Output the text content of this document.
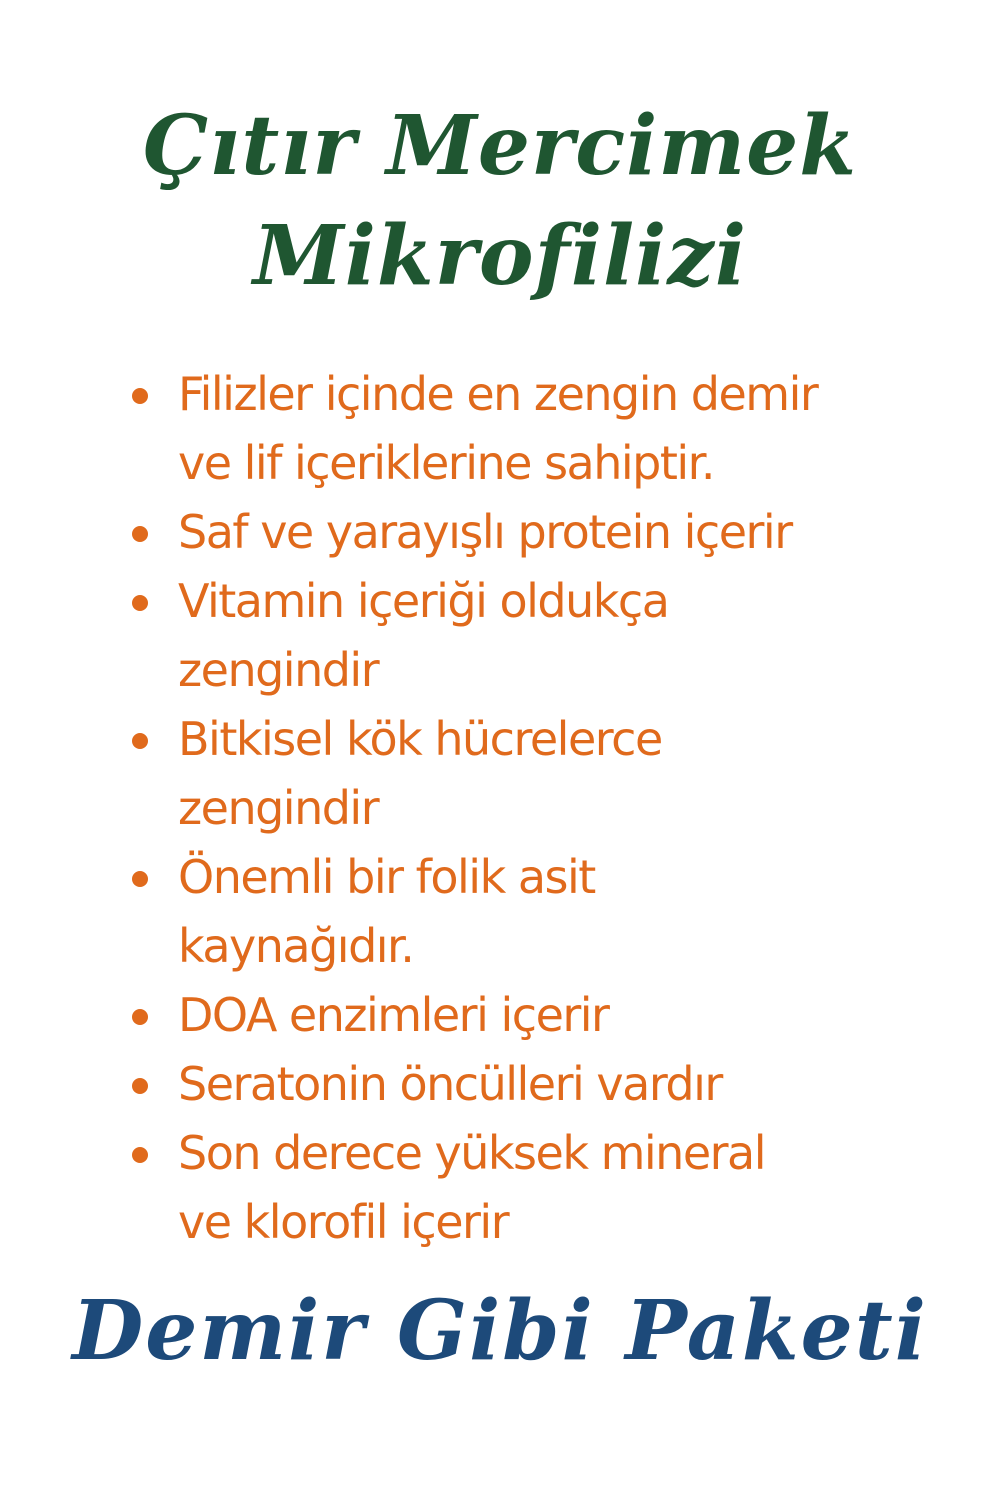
Çıtır Mercimek
Mikrofilizi
Filizler içinde en zengin demir
ve lif içeriklerine sahiptir.
Saf ve yarayışlı protein içerir
Vitamin içeriği oldukça
zengindir
Bitkisel kök hücrelerce
zengindir
Önemli bir folik asit
kaynağıdır.
DOA enzimleri içerir
Seratonin öncülleri vardır
Son derece yüksek mineral
ve klorofil içerir
Demir Gibi Paketi
